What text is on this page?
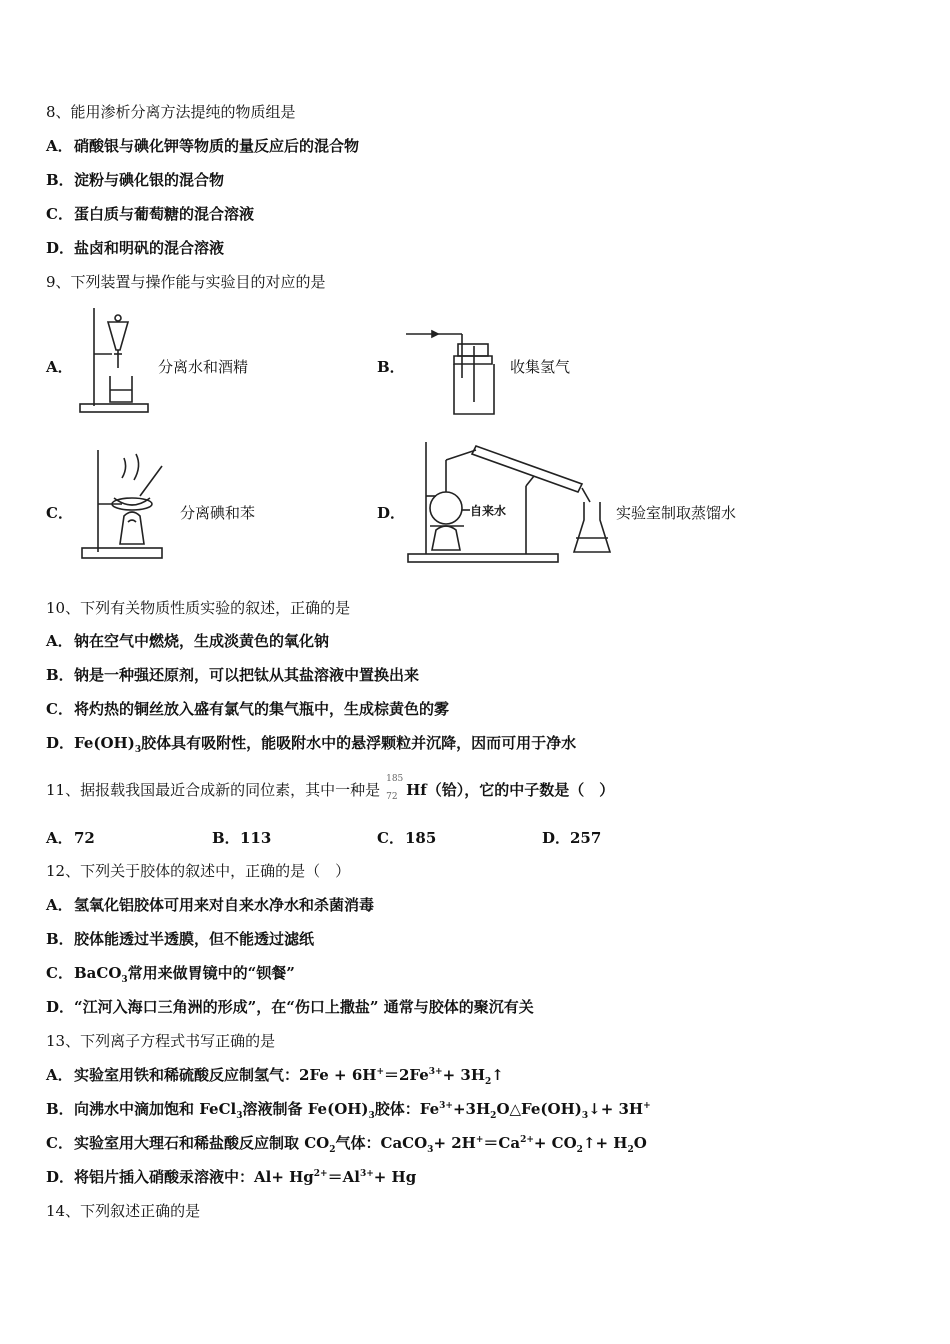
8、能用渗析分离方法提纯的物质组是
A．硝酸银与碘化钾等物质的量反应后的混合物
B．淀粉与碘化银的混合物
C．蛋白质与葡萄糖的混合溶液
D．盐卤和明矾的混合溶液
9、下列装置与操作能与实验目的对应的是
A．	分离水和酒精	B．	收集氢气
C．	分离碘和苯	D．	自来水	实验室制取蒸馏水
10、下列有关物质性质实验的叙述，正确的是
A．钠在空气中燃烧，生成淡黄色的氧化钠
B．钠是一种强还原剂，可以把钛从其盐溶液中置换出来
C．将灼热的铜丝放入盛有氯气的集气瓶中，生成棕黄色的雾
D．$Fe(OH)_3$胶体具有吸附性，能吸附水中的悬浮颗粒并沉降，因而可用于净水
11、据报载我国最近合成新的同位素，其中一种是
185
72 Hf（铪），它的中子数是（　）
A．72	B．113	C．185	D．257
12、下列关于胶体的叙述中，正确的是（　）
A．氢氧化铝胶体可用来对自来水净水和杀菌消毒
B．胶体能透过半透膜，但不能透过滤纸
C．BaCO$_3$常用来做胃镜中的“钡餐”
D．“江河入海口三角洲的形成”，在“伤口上撒盐” 通常与胶体的聚沉有关
13、下列离子方程式书写正确的是
A．实验室用铁和稀硫酸反应制氢气：$2Fe + 6H^+=2Fe^{3+}+$ $3H_2↑$
B．向沸水中滴加饱和 FeCl$_3$溶液制备 $Fe(OH)_3$胶体：$Fe^{3+}+3H_2O\triangle Fe(OH)_3↓+ 3H^+$
C．实验室用大理石和稀盐酸反应制取 $CO_2$气体：CaCO$_3$+ $2H^+=Ca^{2+}+$ $CO_2↑+ H_2O$
D．将铝片插入硝酸汞溶液中：$Al+ Hg^{2+}=Al^{3+}+ Hg$
14、下列叙述正确的是
